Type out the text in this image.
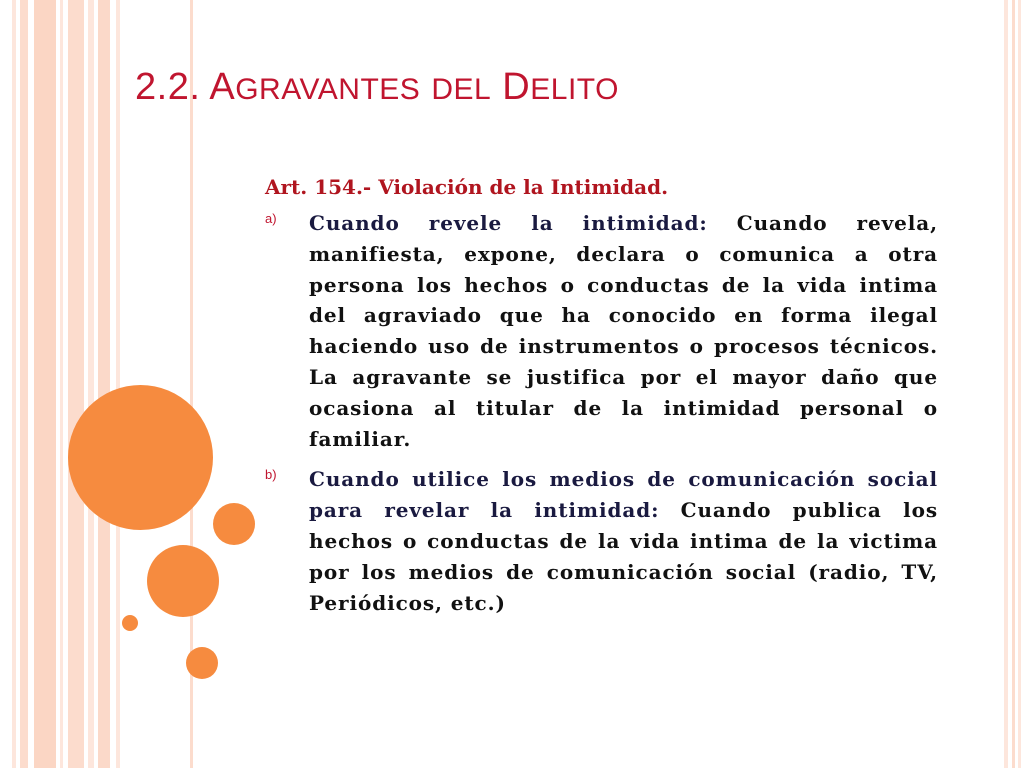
2.2. AGRAVANTES DEL DELITO

Art. 154.- Violación de la Intimidad.

a) Cuando revele la intimidad: Cuando revela, manifiesta, expone, declara o comunica a otra persona los hechos o conductas de la vida intima del agraviado que ha conocido en forma ilegal haciendo uso de instrumentos o procesos técnicos. La agravante se justifica por el mayor daño que ocasiona al titular de la intimidad personal o familiar.
b) Cuando utilice los medios de comunicación social para revelar la intimidad: Cuando publica los hechos o conductas de la vida intima de la victima por los medios de comunicación social (radio, TV, Periódicos, etc.)
